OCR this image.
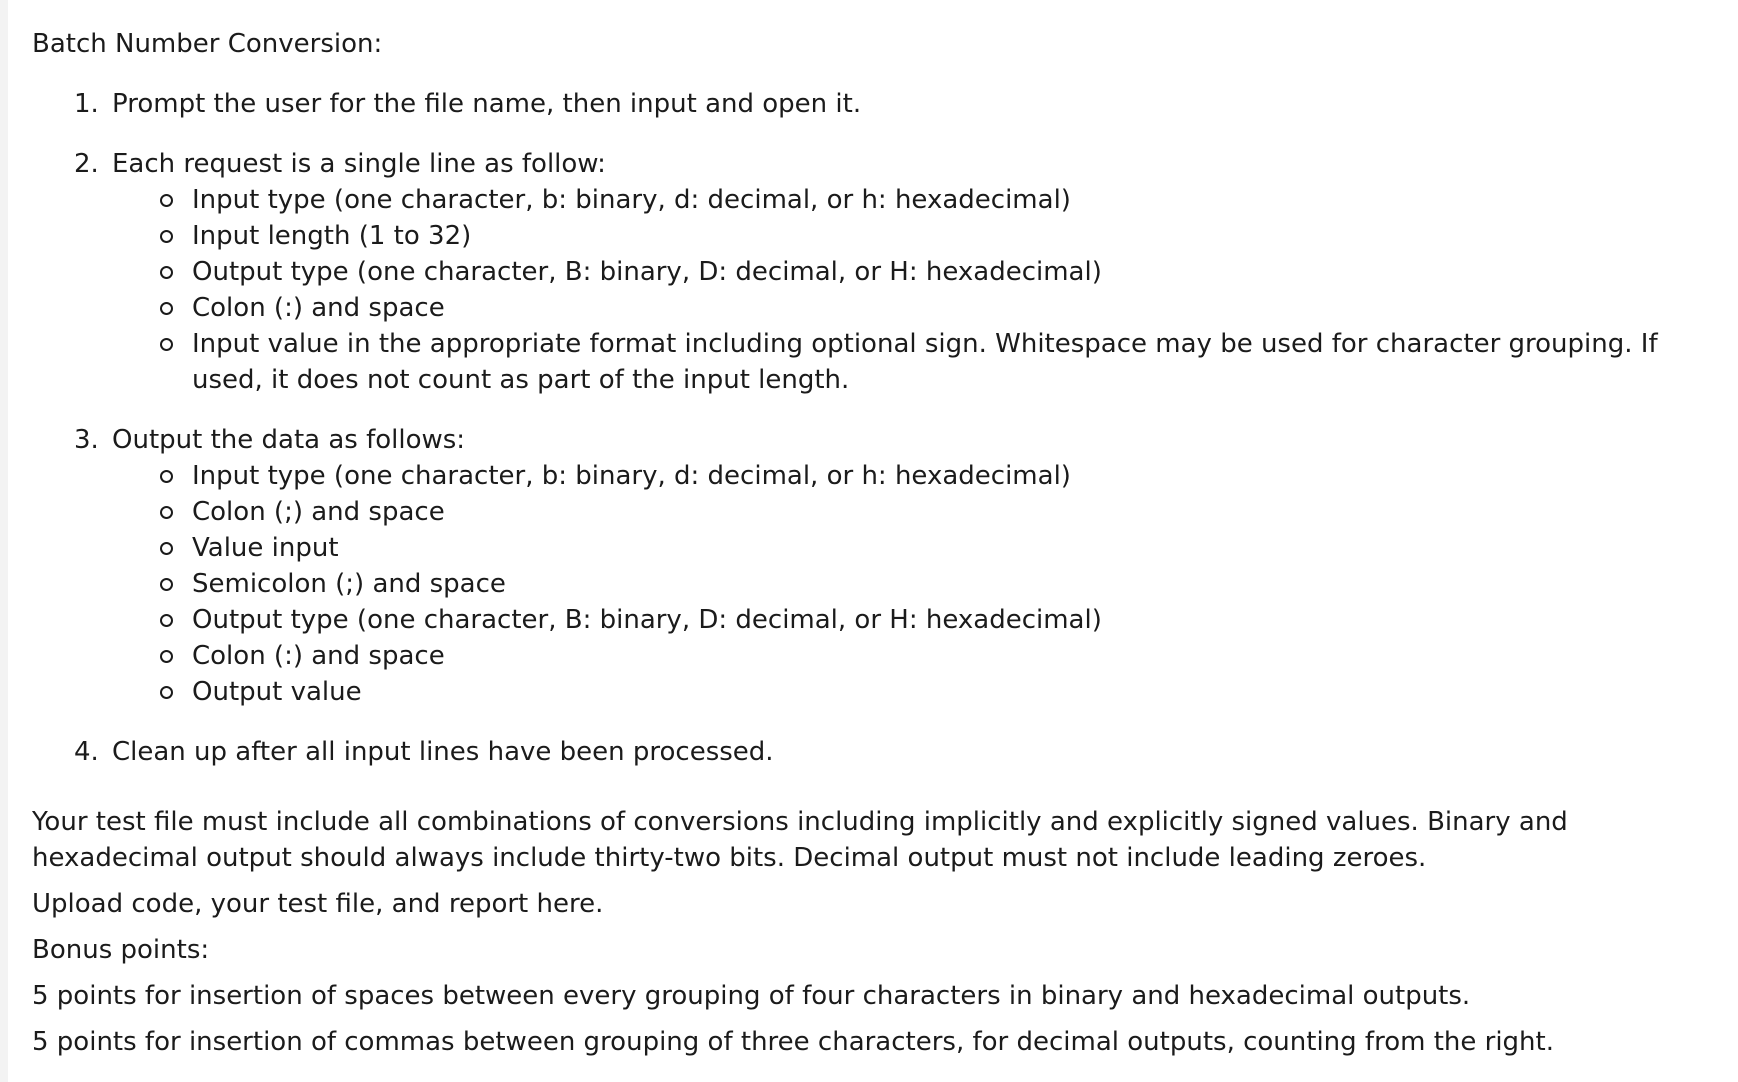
Batch Number Conversion:
1. Prompt the user for the file name, then input and open it.
2. Each request is a single line as follow:
Input type (one character, b: binary, d: decimal, or h: hexadecimal)
Input length (1 to 32)
Output type (one character, B: binary, D: decimal, or H: hexadecimal)
Colon (:) and space
Input value in the appropriate format including optional sign. Whitespace may be used for character grouping. If used, it does not count as part of the input length.
3. Output the data as follows:
Input type (one character, b: binary, d: decimal, or h: hexadecimal)
Colon (;) and space
Value input
Semicolon (;) and space
Output type (one character, B: binary, D: decimal, or H: hexadecimal)
Colon (:) and space
Output value
4. Clean up after all input lines have been processed.

Your test file must include all combinations of conversions including implicitly and explicitly signed values. Binary and hexadecimal output should always include thirty-two bits. Decimal output must not include leading zeroes.

Upload code, your test file, and report here.

Bonus points:

5 points for insertion of spaces between every grouping of four characters in binary and hexadecimal outputs.

5 points for insertion of commas between grouping of three characters, for decimal outputs, counting from the right.
